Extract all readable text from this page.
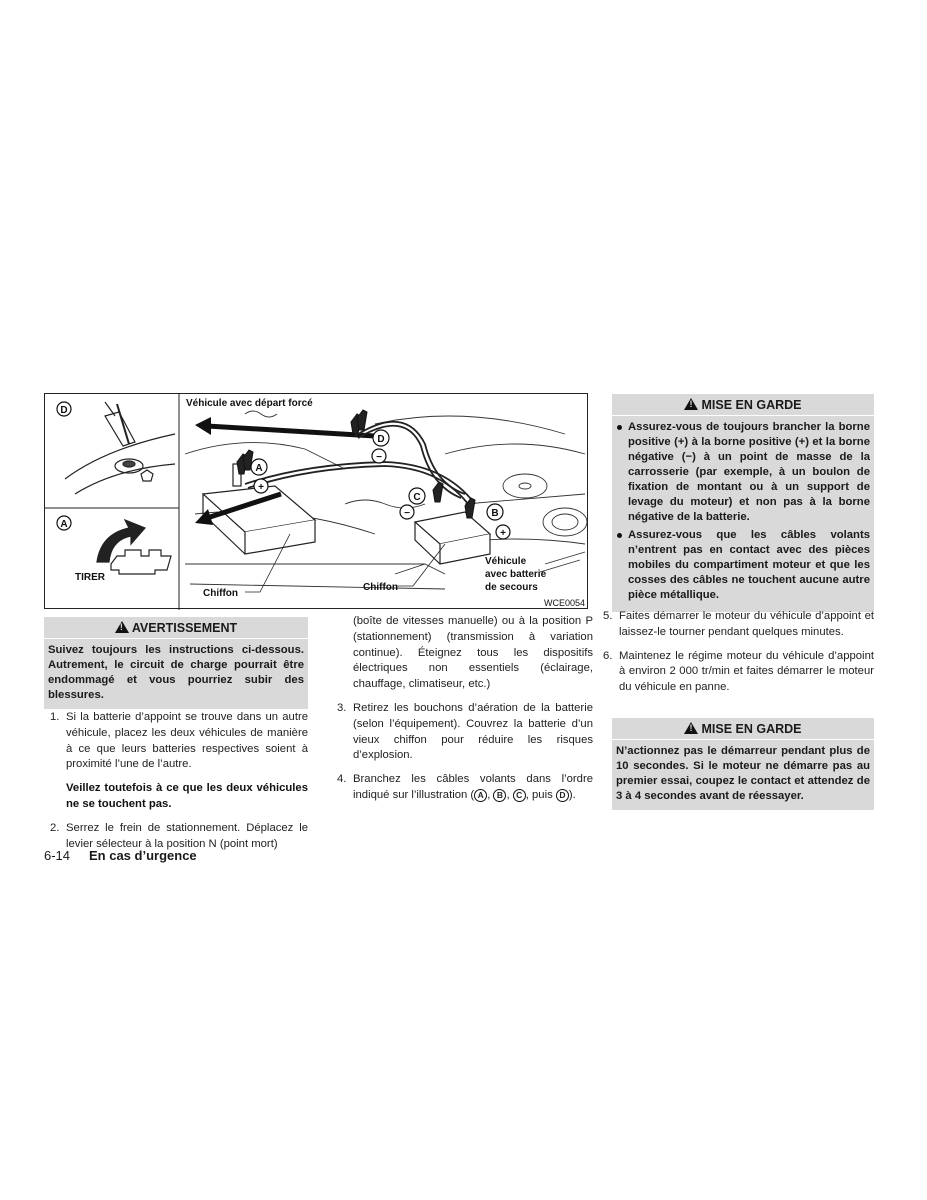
D
A
TIRER
A
+
D
−
C
−	B
+
Véhicule avec départ forcé
Chiffon
Chiffon
Véhicule
avec batterie
de secours
WCE0054
!AVERTISSEMENT
Suivez toujours les instructions ci-dessous. Autrement, le circuit de charge pourrait être endommagé et vous pourriez subir des blessures.
1. Si la batterie d’appoint se trouve dans un autre véhicule, placez les deux véhicules de manière à ce que leurs batteries respectives soient à proximité l’une de l’autre.
Veillez toutefois à ce que les deux véhicules ne se touchent pas.
2. Serrez le frein de stationnement. Déplacez le levier sélecteur à la position N (point mort)
(boîte de vitesses manuelle) ou à la position P (stationnement) (transmission à variation continue). Éteignez tous les dispositifs électriques non essentiels (éclairage, chauffage, climatiseur, etc.)
3. Retirez les bouchons d’aération de la batterie (selon l’équipement). Couvrez la batterie d’un vieux chiffon pour réduire les risques d’explosion.
4. Branchez les câbles volants dans l’ordre indiqué sur l’illustration ( A , B , C , puis D ).
!MISE EN GARDE
Assurez-vous de toujours brancher la borne positive (+) à la borne positive (+) et la borne négative (−) à un point de masse de la carrosserie (par exemple, à un boulon de fixation de montant ou à un support de levage du moteur) et non pas à la borne négative de la batterie.
Assurez-vous que les câbles volants n’entrent pas en contact avec des pièces mobiles du compartiment moteur et que les cosses des câbles ne touchent aucune autre pièce métallique.
5. Faites démarrer le moteur du véhicule d’appoint et laissez-le tourner pendant quelques minutes.
6. Maintenez le régime moteur du véhicule d’appoint à environ 2 000 tr/min et faites démarrer le moteur du véhicule en panne.
!MISE EN GARDE
N’actionnez pas le démarreur pendant plus de 10 secondes. Si le moteur ne démarre pas au premier essai, coupez le contact et attendez de 3 à 4 secondes avant de réessayer.
6-14 En cas d’urgence
